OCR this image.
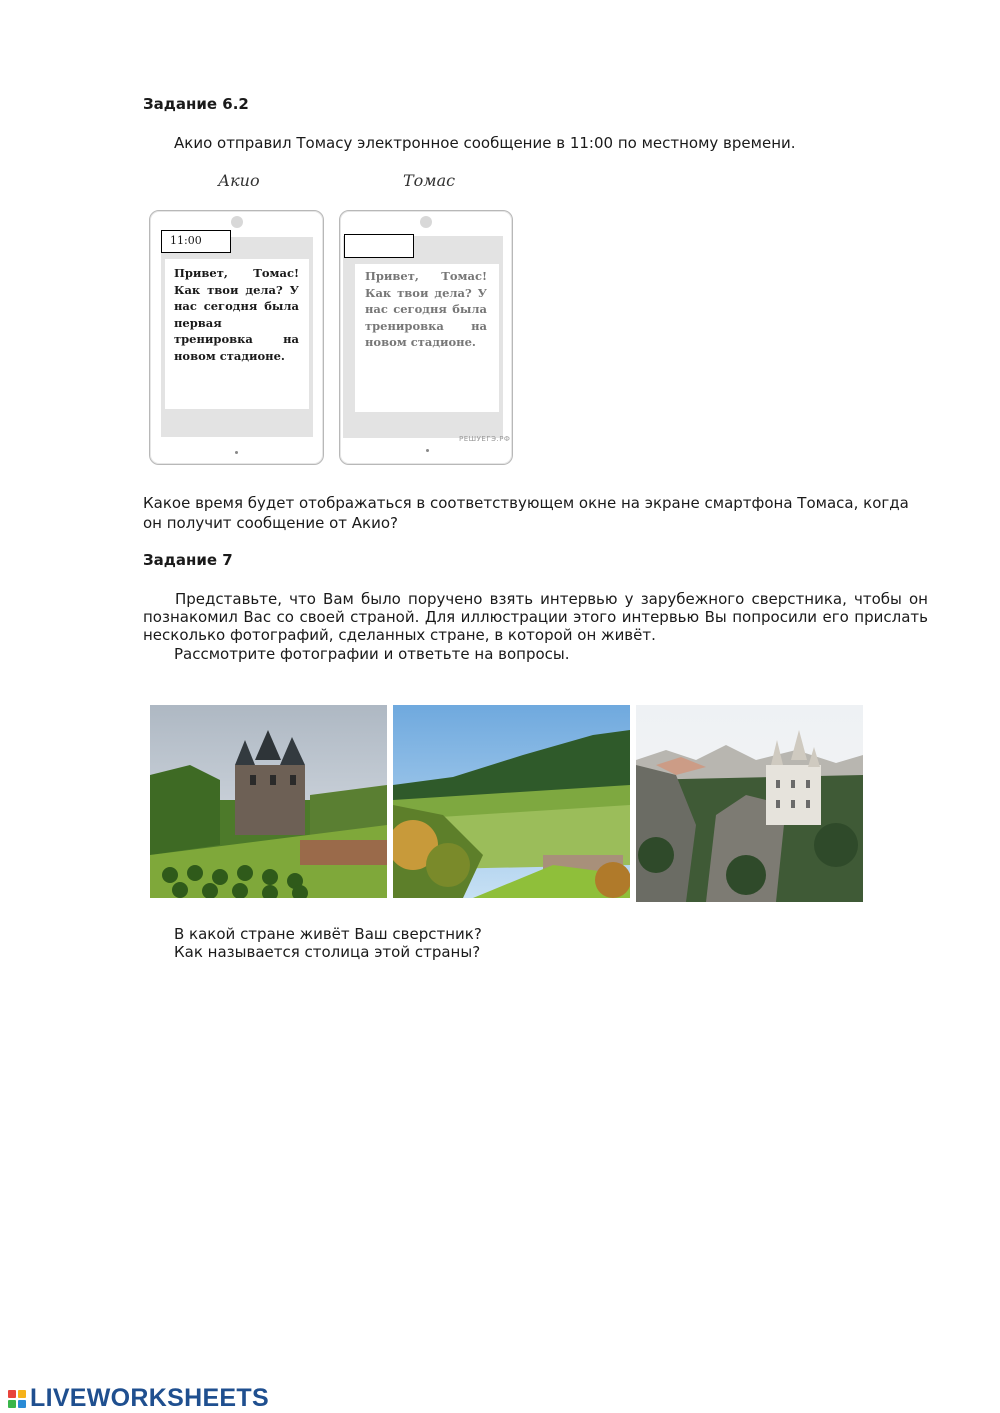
Задание 6.2
Акио отправил Томасу электронное сообщение в 11:00 по местному времени.
Акио	Томас
11:00
Привет, Томас! Как твои дела? У нас сегодня была первая тренировка на новом стадионе.
Привет, Томас! Как твои дела? У нас сегодня была тренировка на новом стадионе.
РЕШУЕГЭ.РФ
Какое время будет отображаться в соответствующем окне на экране смартфона Томаса, когда он получит сообщение от Акио?
Задание 7
Представьте, что Вам было поручено взять интервью у зарубежного сверстника, чтобы он познакомил Вас со своей страной. Для иллюстрации этого интервью Вы попросили его прислать несколько фотографий, сделанных стране, в которой он живёт.
Рассмотрите фотографии и ответьте на вопросы.
В какой стране живёт Ваш сверстник?
Как называется столица этой страны?
LIVEWORKSHEETS
